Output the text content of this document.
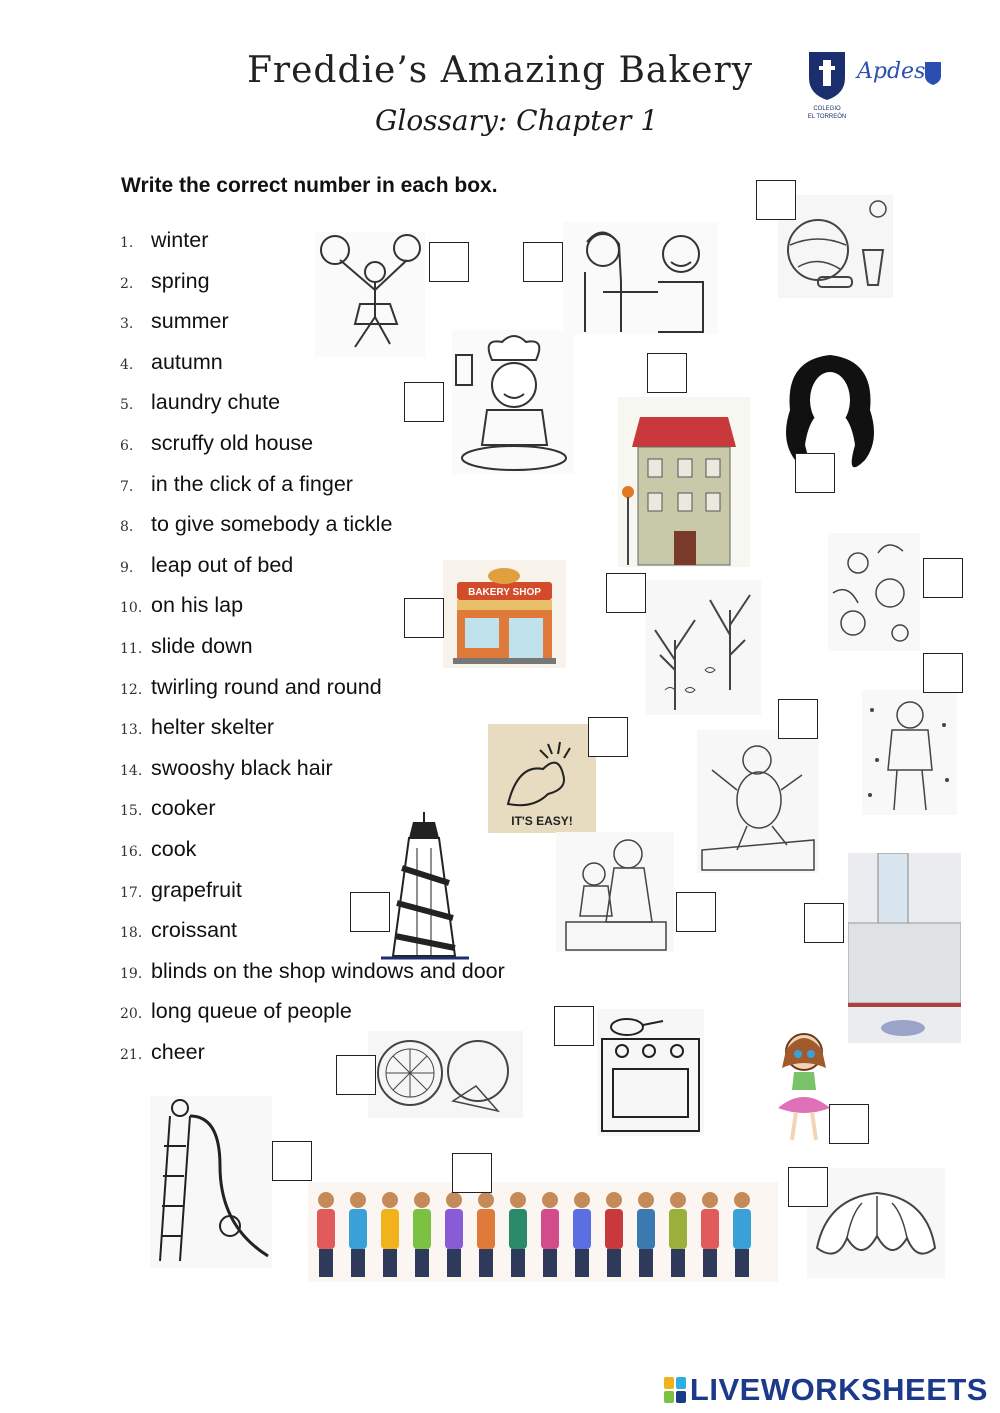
Freddie’s Amazing Bakery
Glossary: Chapter 1	COLEGIO
EL TORREÓN
Apdes
Write the correct number in each box.
1. winter
2. spring
3. summer
4. autumn
5. laundry chute
6. scruffy old house
7. in the click of a finger
8. to give somebody a tickle
9. leap out of bed
10. on his lap
11. slide down
12. twirling round and round
13. helter skelter
14. swooshy black hair
15. cooker
16. cook
17. grapefruit
18. croissant
19. blinds on the shop windows and door
20. long queue of people
21. cheer
BAKERY SHOP
IT'S EASY!
LIVEWORKSHEETS
